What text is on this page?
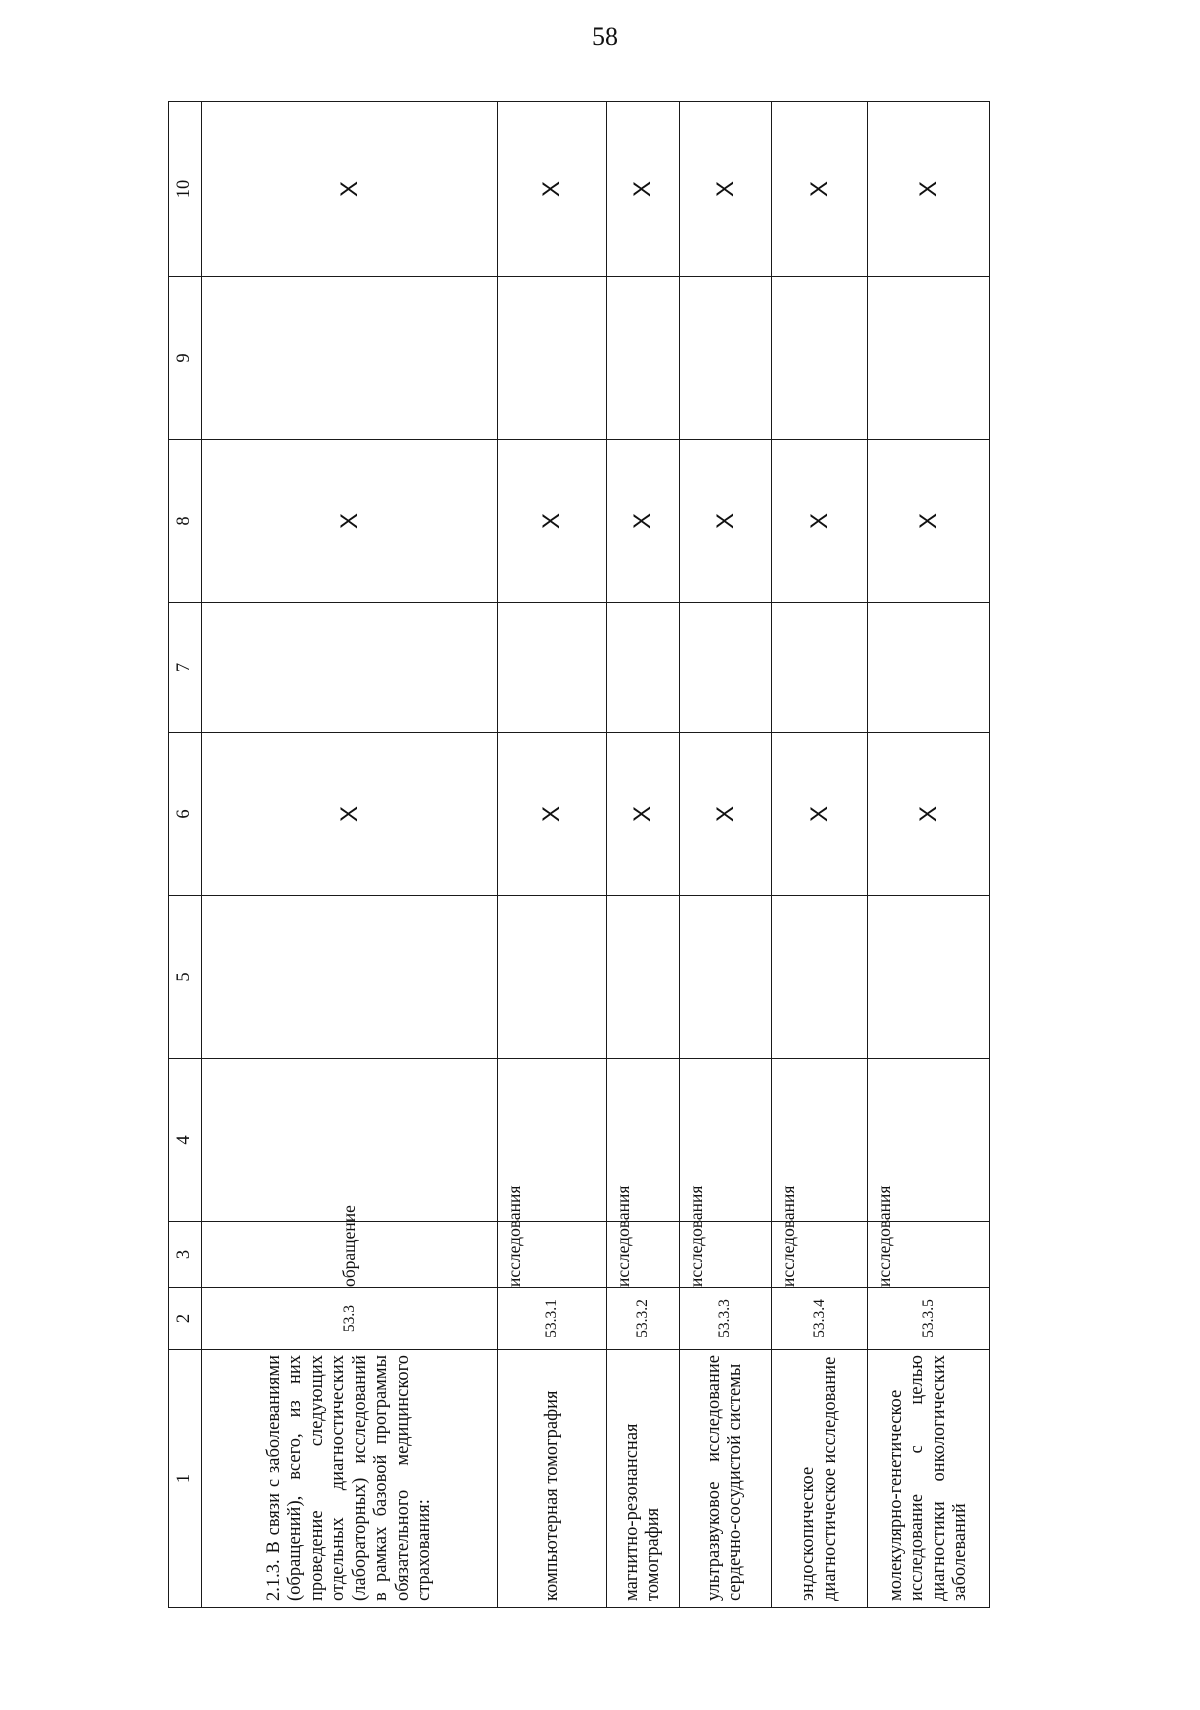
58
1	2	3	4	5	6	7	8	9	10
2.1.3. В связи с заболеваниями (обращений), всего, из них проведение следующих отдельных диагностических (лабораторных) исследований в рамках базовой программы обязательного медицинского страхования:	53.3	обращение			Х		Х		Х
компьютерная томография	53.3.1	исследования			Х		Х		Х
магнитно-резонансная томография	53.3.2	исследования			Х		Х		Х
ультразвуковое исследование сердечно-сосудистой системы	53.3.3	исследования			Х		Х		Х
эндоскопическое диагностическое исследование	53.3.4	исследования			Х		Х		Х
молекулярно-генетическое исследование с целью диагностики онкологических заболеваний	53.3.5	исследования			Х		Х		Х
